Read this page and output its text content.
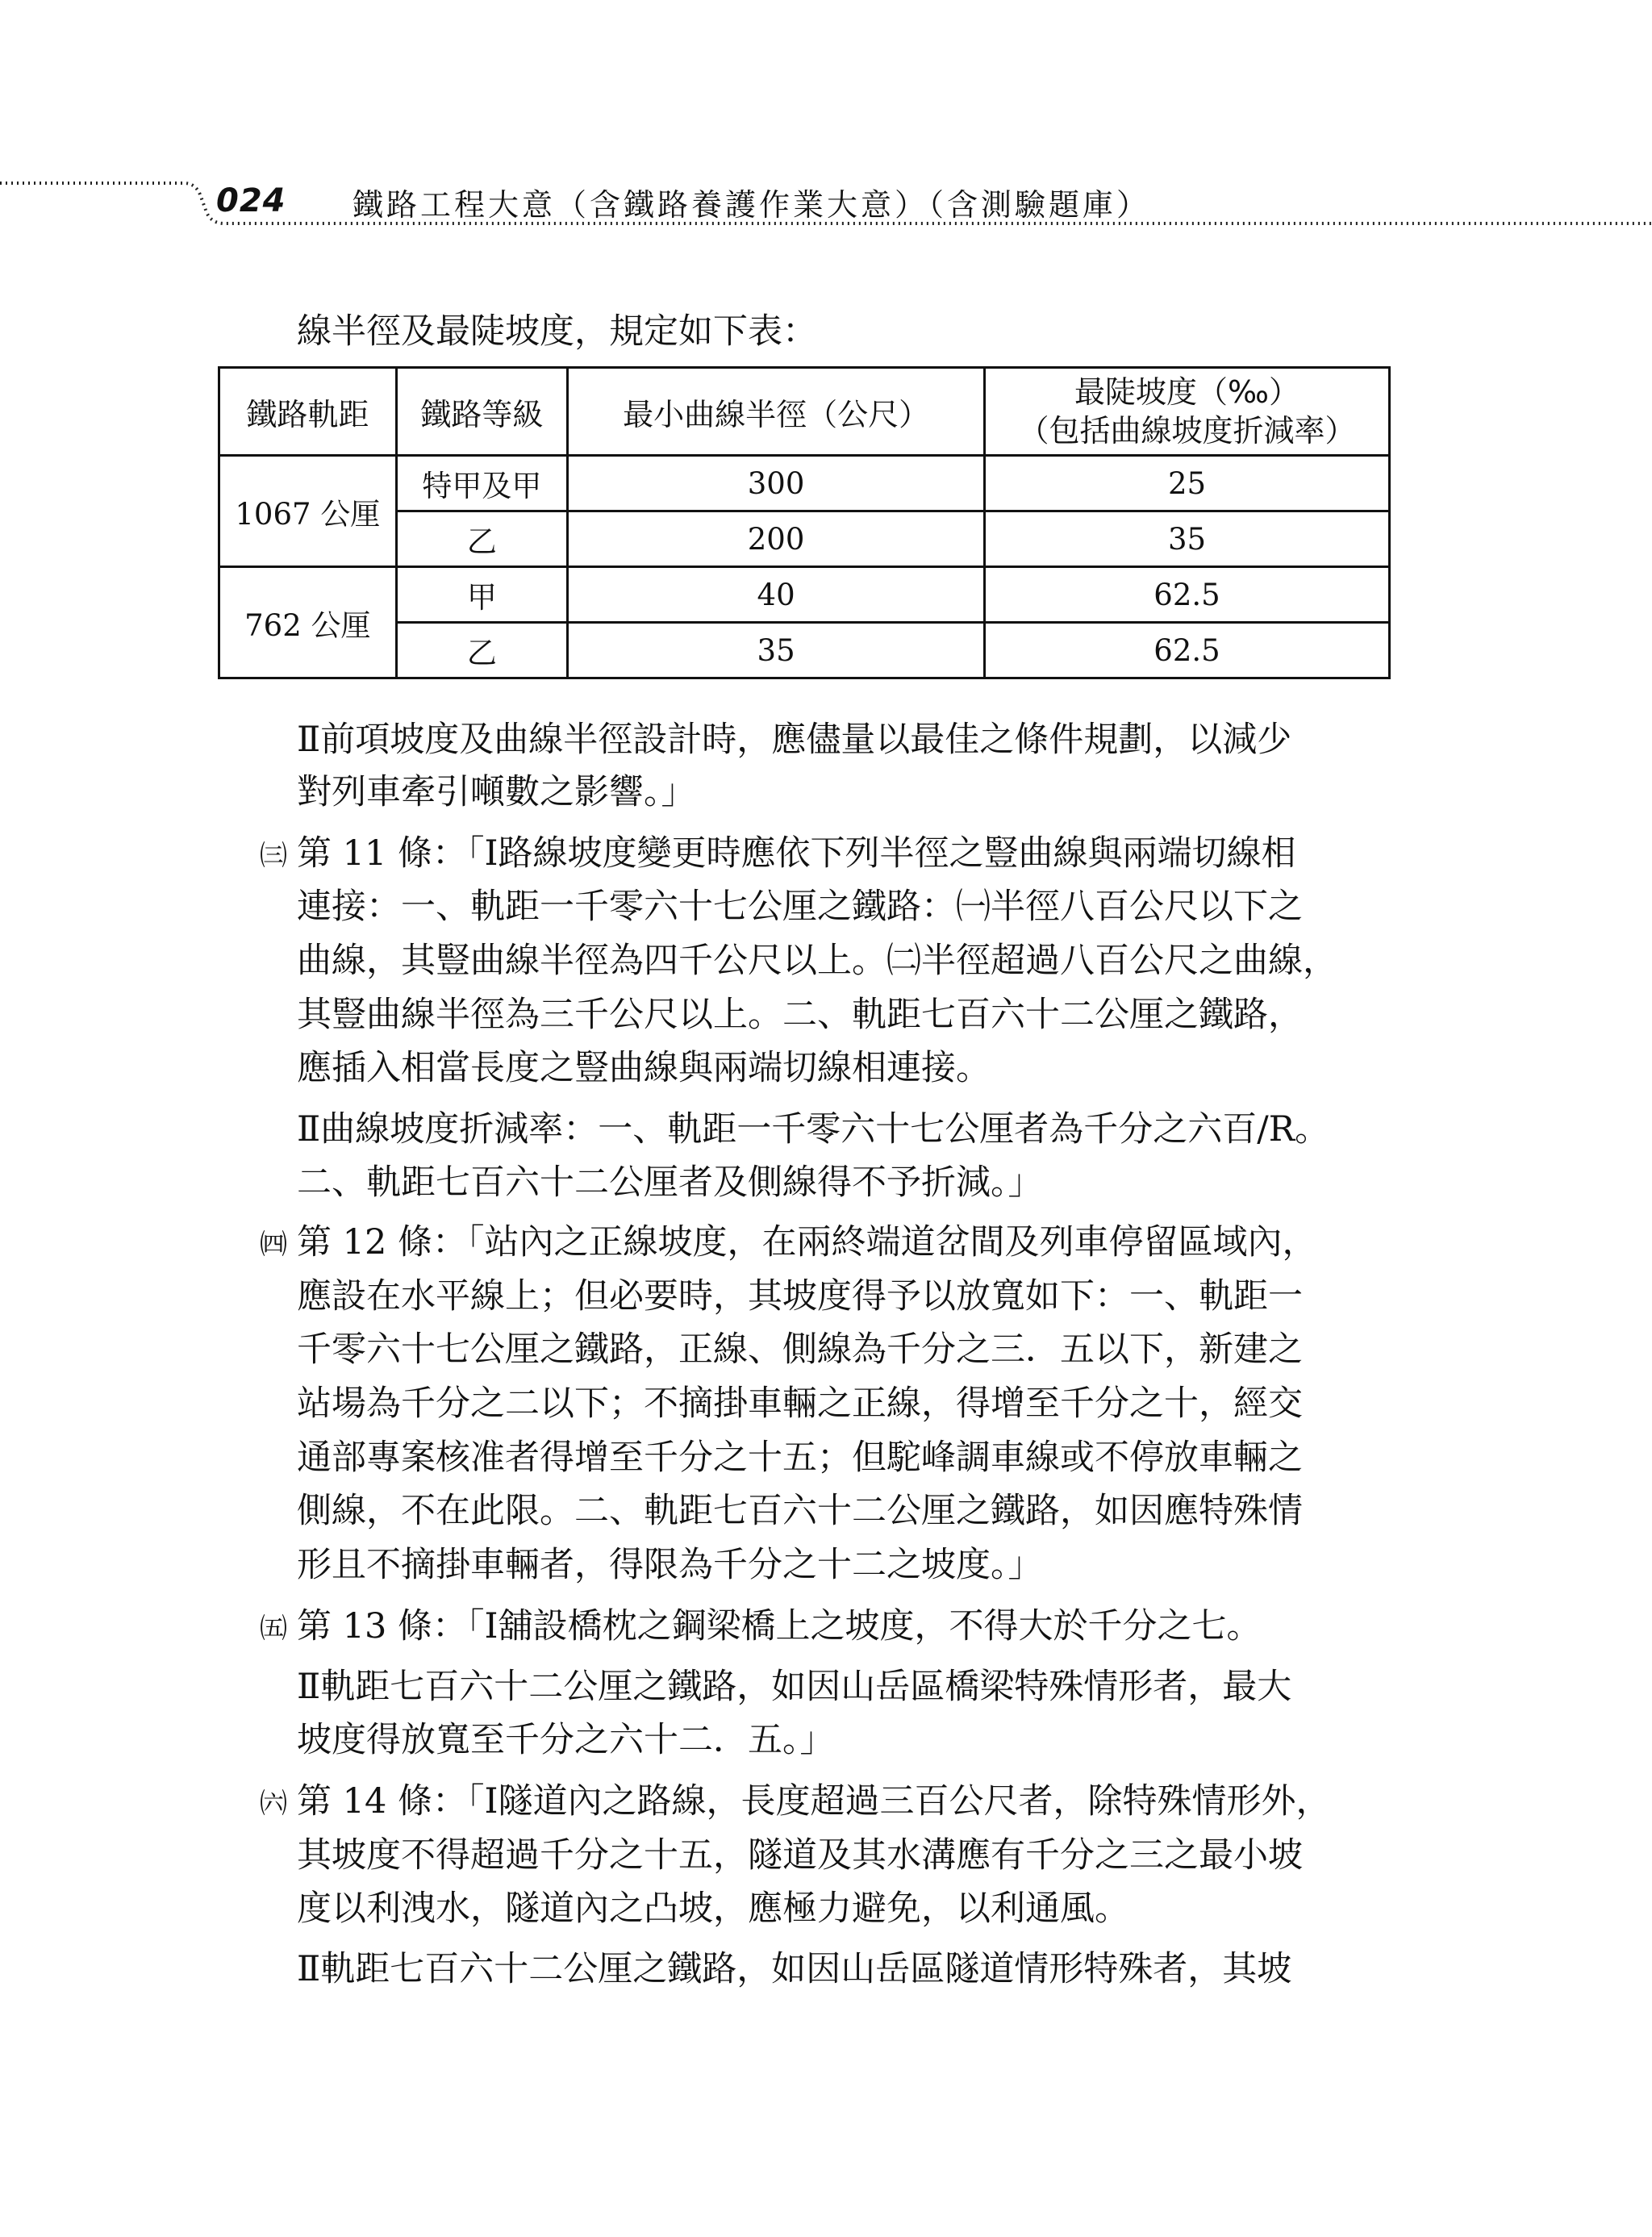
024 鐵路工程大意（含鐵路養護作業大意）（含測驗題庫）
線半徑及最陡坡度，規定如下表：
鐵路軌距	鐵路等級	最小曲線半徑（公尺）	最陡坡度（‰）
（包括曲線坡度折減率）

1067 公厘	特甲及甲	300	25
	乙	200	35
762 公厘	甲	40	62.5
	乙	35	62.5
Ⅱ前項坡度及曲線半徑設計時，應儘量以最佳之條件規劃，以減少
對列車牽引噸數之影響。」
㈢ 第 11 條：「Ⅰ路線坡度變更時應依下列半徑之豎曲線與兩端切線相
連接：一、軌距一千零六十七公厘之鐵路：㈠半徑八百公尺以下之
曲線，其豎曲線半徑為四千公尺以上。㈡半徑超過八百公尺之曲線，
其豎曲線半徑為三千公尺以上。二、軌距七百六十二公厘之鐵路，
應插入相當長度之豎曲線與兩端切線相連接。
Ⅱ曲線坡度折減率：一、軌距一千零六十七公厘者為千分之六百/R。
二、軌距七百六十二公厘者及側線得不予折減。」
㈣ 第 12 條：「站內之正線坡度，在兩終端道岔間及列車停留區域內，
應設在水平線上；但必要時，其坡度得予以放寬如下：一、軌距一
千零六十七公厘之鐵路，正線、側線為千分之三．五以下，新建之
站場為千分之二以下；不摘掛車輛之正線，得增至千分之十，經交
通部專案核准者得增至千分之十五；但駝峰調車線或不停放車輛之
側線，不在此限。二、軌距七百六十二公厘之鐵路，如因應特殊情
形且不摘掛車輛者，得限為千分之十二之坡度。」
㈤ 第 13 條：「Ⅰ舖設橋枕之鋼梁橋上之坡度，不得大於千分之七。
Ⅱ軌距七百六十二公厘之鐵路，如因山岳區橋梁特殊情形者，最大
坡度得放寬至千分之六十二．五。」
㈥ 第 14 條：「Ⅰ隧道內之路線，長度超過三百公尺者，除特殊情形外，
其坡度不得超過千分之十五，隧道及其水溝應有千分之三之最小坡
度以利洩水，隧道內之凸坡，應極力避免，以利通風。
Ⅱ軌距七百六十二公厘之鐵路，如因山岳區隧道情形特殊者，其坡
